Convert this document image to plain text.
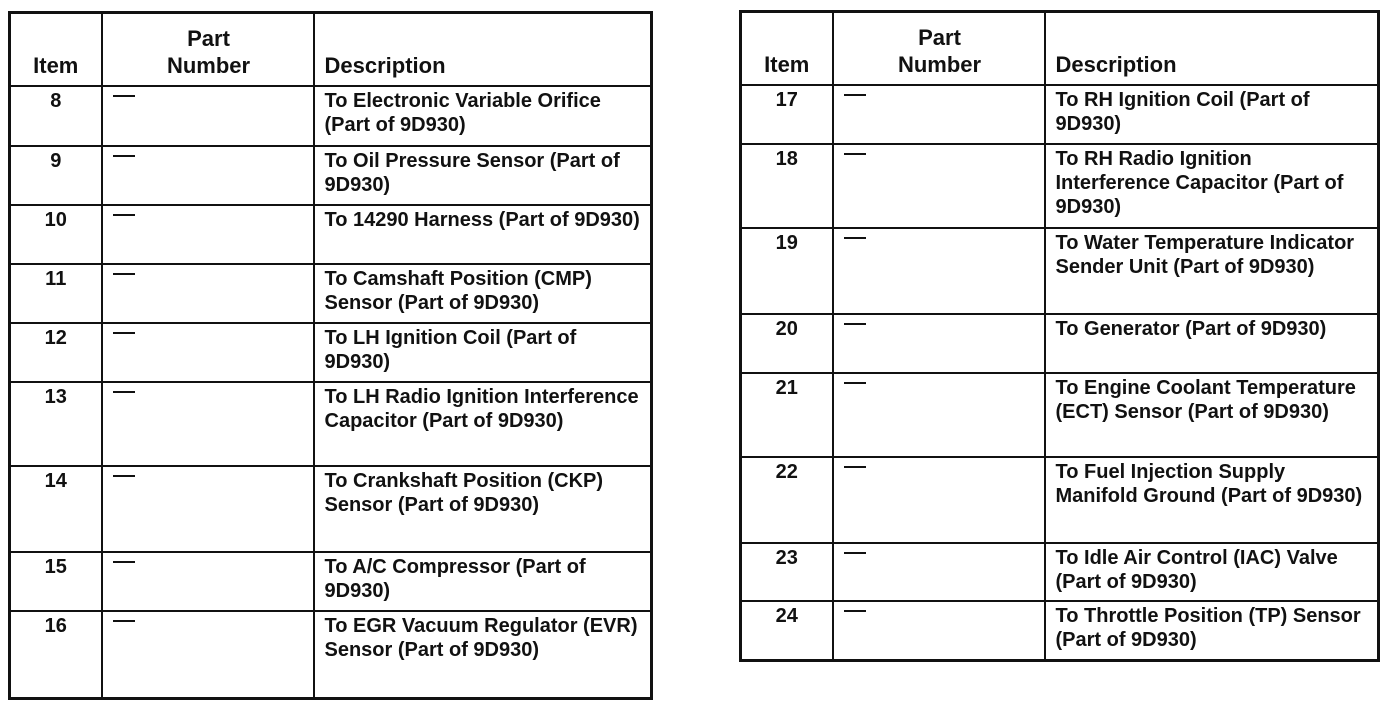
Item	Part
Number	Description
8		To Electronic Variable Orifice (Part of 9D930)
9		To Oil Pressure Sensor (Part of 9D930)
10		To 14290 Harness (Part of 9D930)
11		To Camshaft Position (CMP) Sensor (Part of 9D930)
12		To LH Ignition Coil (Part of 9D930)
13		To LH Radio Ignition Interference Capacitor (Part of 9D930)
14		To Crankshaft Position (CKP) Sensor (Part of 9D930)
15		To A/C Compressor (Part of 9D930)
16		To EGR Vacuum Regulator (EVR) Sensor (Part of 9D930)
Item	Part
Number	Description
17		To RH Ignition Coil (Part of 9D930)
18		To RH Radio Ignition Interference Capacitor (Part of 9D930)
19		To Water Temperature Indicator Sender Unit (Part of 9D930)
20		To Generator (Part of 9D930)
21		To Engine Coolant Temperature (ECT) Sensor (Part of 9D930)
22		To Fuel Injection Supply Manifold Ground (Part of 9D930)
23		To Idle Air Control (IAC) Valve (Part of 9D930)
24		To Throttle Position (TP) Sensor (Part of 9D930)
